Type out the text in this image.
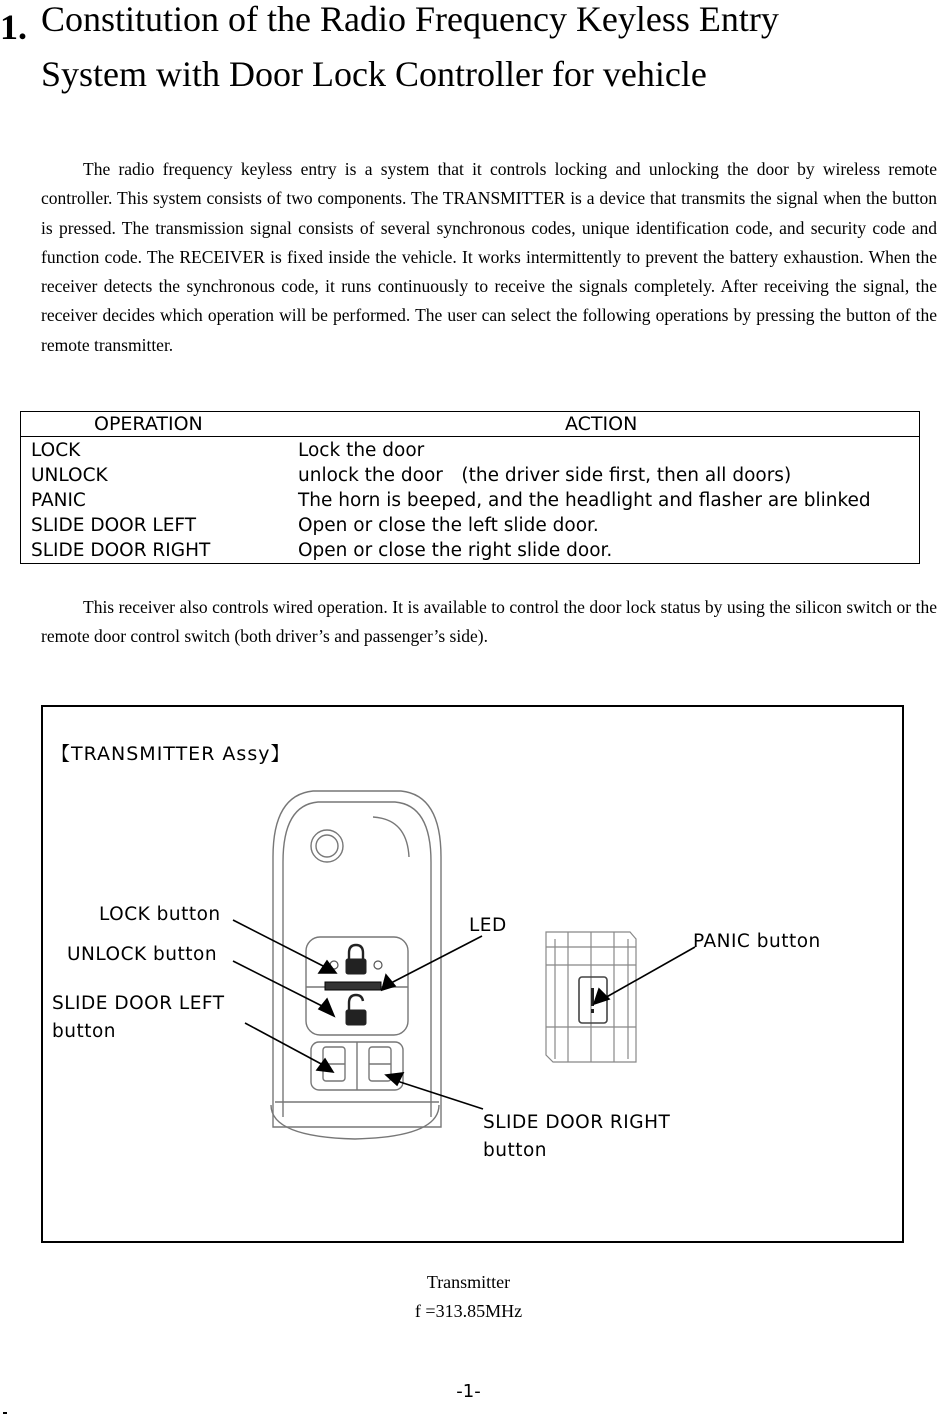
1. Constitution of the Radio Frequency Keyless Entry
System with Door Lock Controller for vehicle
The radio frequency keyless entry is a system that it controls locking and unlocking the door by wireless remote controller. This system consists of two components. The TRANSMITTER is a device that transmits the signal when the button is pressed. The transmission signal consists of several synchronous codes, unique identification code, and security code and function code. The RECEIVER is fixed inside the vehicle. It works intermittently to prevent the battery exhaustion. When the receiver detects the synchronous code, it runs continuously to receive the signals completely. After receiving the signal, the receiver decides which operation will be performed. The user can select the following operations by pressing the button of the remote transmitter.
OPERATION	ACTION
LOCK	Lock the door
UNLOCK	unlock the door　(the driver side first, then all doors)
PANIC	The horn is beeped, and the headlight and flasher are blinked
SLIDE DOOR LEFT	Open or close the left slide door.
SLIDE DOOR RIGHT	Open or close the right slide door.
This receiver also controls wired operation. It is available to control the door lock status by using the silicon switch or the remote door control switch (both driver’s and passenger’s side).
【TRANSMITTER Assy】
LOCK button
UNLOCK button
SLIDE DOOR LEFT
button
LED
PANIC button
SLIDE DOOR RIGHT
button
Transmitter
f =313.85MHz
-1-
